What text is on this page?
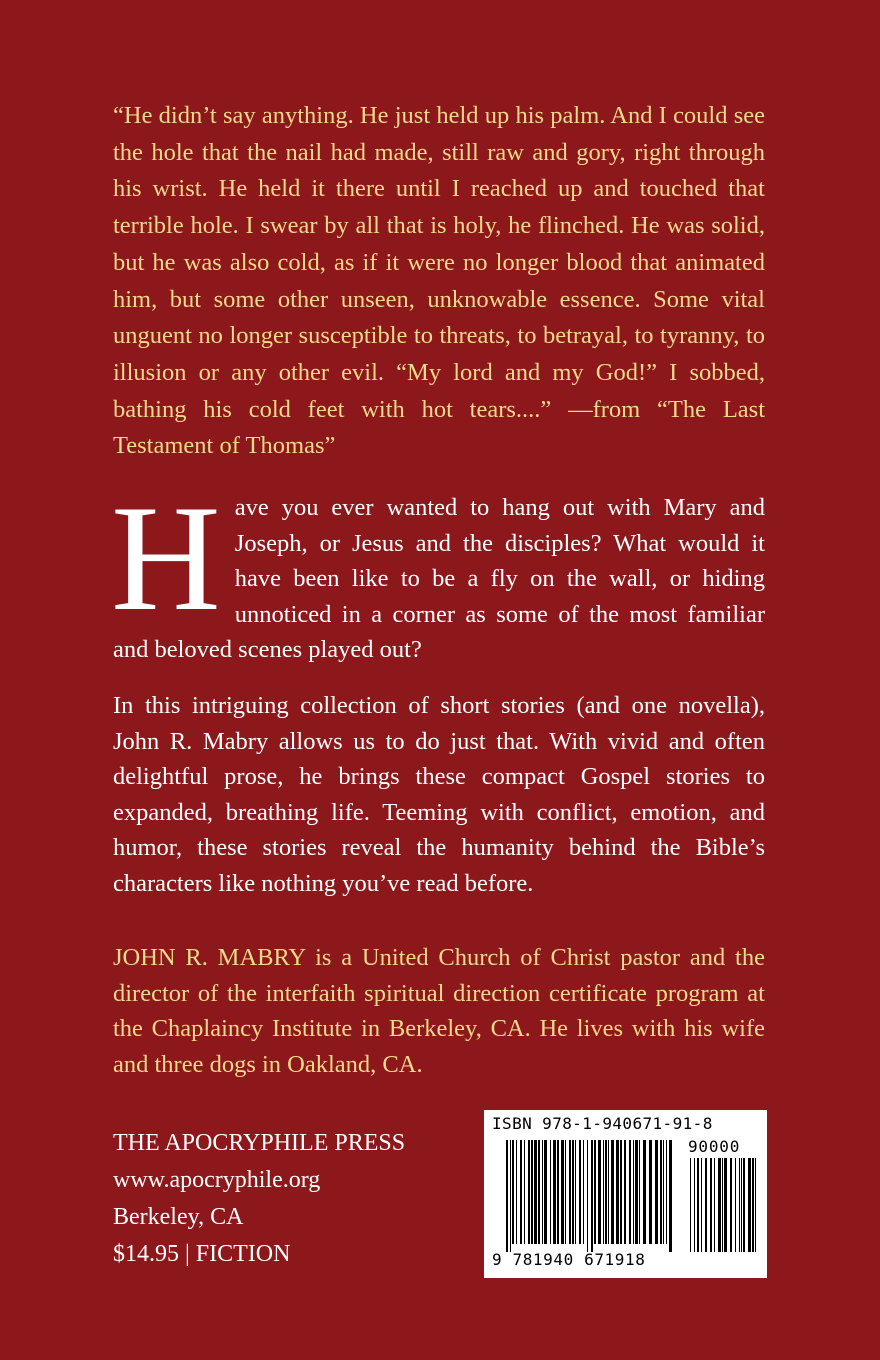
“He didn’t say anything. He just held up his palm. And I could see the hole that the nail had made, still raw and gory, right through his wrist. He held it there until I reached up and touched that terrible hole. I swear by all that is holy, he flinched. He was solid, but he was also cold, as if it were no longer blood that animated him, but some other unseen, unknowable essence. Some vital unguent no longer susceptible to threats, to betrayal, to tyranny, to illusion or any other evil. “My lord and my God!” I sobbed, bathing his cold feet with hot tears....” —from “The Last Testament of Thomas”

Have you ever wanted to hang out with Mary and Joseph, or Jesus and the disciples? What would it have been like to be a fly on the wall, or hiding unnoticed in a corner as some of the most familiar and beloved scenes played out?

In this intriguing collection of short stories (and one novella), John R. Mabry allows us to do just that. With vivid and often delightful prose, he brings these compact Gospel stories to expanded, breathing life. Teeming with conflict, emotion, and humor, these stories reveal the humanity behind the Bible’s characters like nothing you’ve read before.

JOHN R. MABRY is a United Church of Christ pastor and the director of the interfaith spiritual direction certificate program at the Chaplaincy Institute in Berkeley, CA. He lives with his wife and three dogs in Oakland, CA.

THE APOCRYPHILE PRESS
www.apocryphile.org
Berkeley, CA
$14.95 | FICTION
ISBN 978-1-940671-91-8
90000
9 781940 671918
